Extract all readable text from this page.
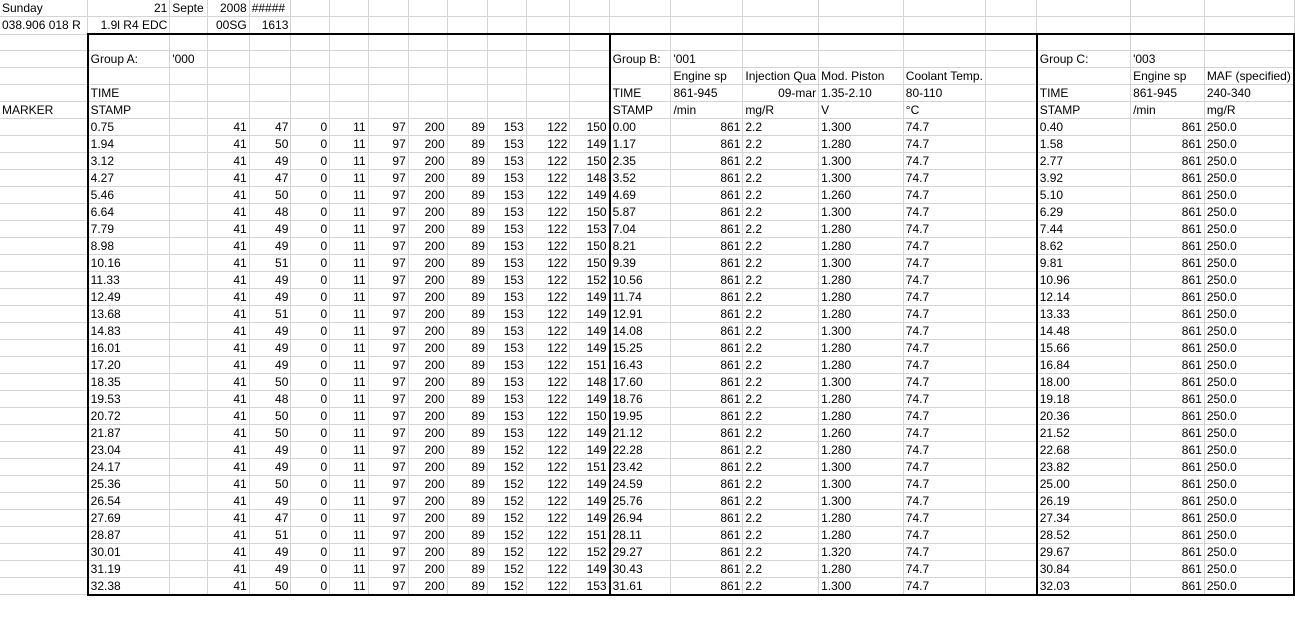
Sunday	21	Septe	2008	#####																	
038.906 018 R	1.9l R4 EDC		00SG	1613																	

	Group A:	'000											Group B:	'001					Group C:	'003	
														Engine sp	Injection Qua	Mod. Piston	Coolant Temp.			Engine sp	MAF (specified)
	TIME												TIME	861-945	09-mar	1.35-2.10	80-110		TIME	861-945	240-340
MARKER	STAMP												STAMP	/min	mg/R	V	°C		STAMP	/min	mg/R
	0.75		41	47	0	11	97	200	89	153	122	150	0.00	861	2.2	1.300	74.7		0.40	861	250.0
	1.94		41	50	0	11	97	200	89	153	122	149	1.17	861	2.2	1.280	74.7		1.58	861	250.0
	3.12		41	49	0	11	97	200	89	153	122	150	2.35	861	2.2	1.300	74.7		2.77	861	250.0
	4.27		41	47	0	11	97	200	89	153	122	148	3.52	861	2.2	1.300	74.7		3.92	861	250.0
	5.46		41	50	0	11	97	200	89	153	122	149	4.69	861	2.2	1.260	74.7		5.10	861	250.0
	6.64		41	48	0	11	97	200	89	153	122	150	5.87	861	2.2	1.300	74.7		6.29	861	250.0
	7.79		41	49	0	11	97	200	89	153	122	153	7.04	861	2.2	1.280	74.7		7.44	861	250.0
	8.98		41	49	0	11	97	200	89	153	122	150	8.21	861	2.2	1.280	74.7		8.62	861	250.0
	10.16		41	51	0	11	97	200	89	153	122	150	9.39	861	2.2	1.300	74.7		9.81	861	250.0
	11.33		41	49	0	11	97	200	89	153	122	152	10.56	861	2.2	1.280	74.7		10.96	861	250.0
	12.49		41	49	0	11	97	200	89	153	122	149	11.74	861	2.2	1.280	74.7		12.14	861	250.0
	13.68		41	51	0	11	97	200	89	153	122	149	12.91	861	2.2	1.280	74.7		13.33	861	250.0
	14.83		41	49	0	11	97	200	89	153	122	149	14.08	861	2.2	1.300	74.7		14.48	861	250.0
	16.01		41	49	0	11	97	200	89	153	122	149	15.25	861	2.2	1.280	74.7		15.66	861	250.0
	17.20		41	49	0	11	97	200	89	153	122	151	16.43	861	2.2	1.280	74.7		16.84	861	250.0
	18.35		41	50	0	11	97	200	89	153	122	148	17.60	861	2.2	1.300	74.7		18.00	861	250.0
	19.53		41	48	0	11	97	200	89	153	122	149	18.76	861	2.2	1.280	74.7		19.18	861	250.0
	20.72		41	50	0	11	97	200	89	153	122	150	19.95	861	2.2	1.280	74.7		20.36	861	250.0
	21.87		41	50	0	11	97	200	89	153	122	149	21.12	861	2.2	1.260	74.7		21.52	861	250.0
	23.04		41	49	0	11	97	200	89	152	122	149	22.28	861	2.2	1.280	74.7		22.68	861	250.0
	24.17		41	49	0	11	97	200	89	152	122	151	23.42	861	2.2	1.300	74.7		23.82	861	250.0
	25.36		41	50	0	11	97	200	89	152	122	149	24.59	861	2.2	1.300	74.7		25.00	861	250.0
	26.54		41	49	0	11	97	200	89	152	122	149	25.76	861	2.2	1.300	74.7		26.19	861	250.0
	27.69		41	47	0	11	97	200	89	152	122	149	26.94	861	2.2	1.280	74.7		27.34	861	250.0
	28.87		41	51	0	11	97	200	89	152	122	151	28.11	861	2.2	1.280	74.7		28.52	861	250.0
	30.01		41	49	0	11	97	200	89	152	122	152	29.27	861	2.2	1.320	74.7		29.67	861	250.0
	31.19		41	49	0	11	97	200	89	152	122	149	30.43	861	2.2	1.280	74.7		30.84	861	250.0
	32.38		41	50	0	11	97	200	89	152	122	153	31.61	861	2.2	1.300	74.7		32.03	861	250.0
